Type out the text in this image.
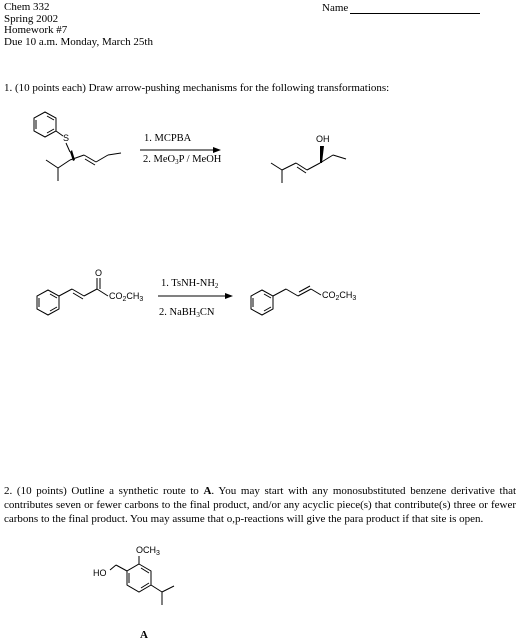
Chem 332
Spring 2002
Homework #7
Due 10 a.m. Monday, March 25th
Name
1. (10 points each) Draw arrow-pushing mechanisms for the following transformations:
S	1. MCPBA
2. MeO$_3$P / MeOH
OH
O
$CO_2CH_3$
1. TsNH-$NH_2$
2. NaBH$_3$CN
$CO_2CH_3$
2. (10 points) Outline a synthetic route to A. You may start with any monosubstituted benzene derivative that contributes seven or fewer carbons to the final product, and/or any acyclic piece(s) that contribute(s) three or fewer carbons to the final product. You may assume that o,p-reactions will give the para product if that site is open.
HO
$OCH_3$
A
